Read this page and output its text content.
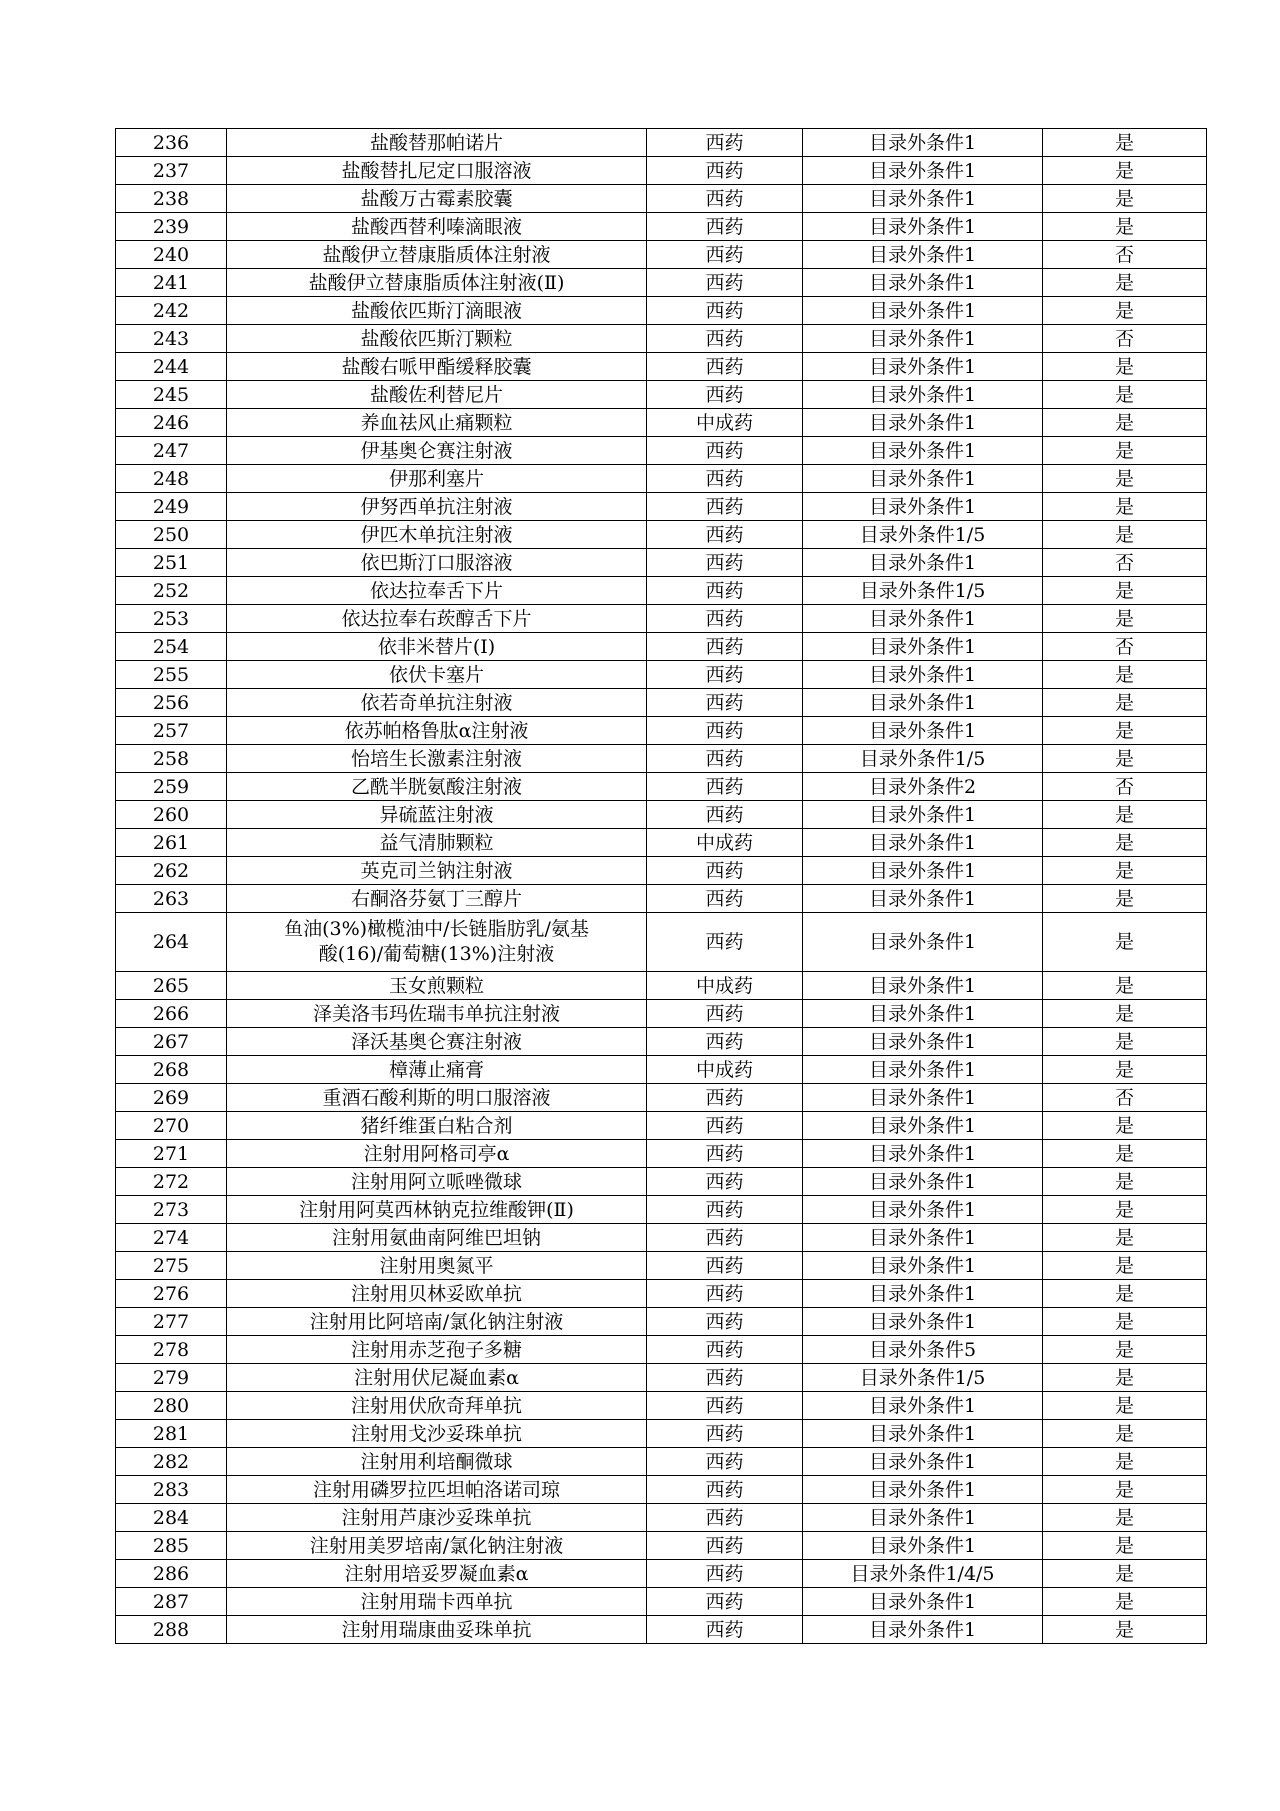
236	盐酸替那帕诺片	西药	目录外条件1	是
237	盐酸替扎尼定口服溶液	西药	目录外条件1	是
238	盐酸万古霉素胶囊	西药	目录外条件1	是
239	盐酸西替利嗪滴眼液	西药	目录外条件1	是
240	盐酸伊立替康脂质体注射液	西药	目录外条件1	否
241	盐酸伊立替康脂质体注射液(Ⅱ)	西药	目录外条件1	是
242	盐酸依匹斯汀滴眼液	西药	目录外条件1	是
243	盐酸依匹斯汀颗粒	西药	目录外条件1	否
244	盐酸右哌甲酯缓释胶囊	西药	目录外条件1	是
245	盐酸佐利替尼片	西药	目录外条件1	是
246	养血祛风止痛颗粒	中成药	目录外条件1	是
247	伊基奥仑赛注射液	西药	目录外条件1	是
248	伊那利塞片	西药	目录外条件1	是
249	伊努西单抗注射液	西药	目录外条件1	是
250	伊匹木单抗注射液	西药	目录外条件1/5	是
251	依巴斯汀口服溶液	西药	目录外条件1	否
252	依达拉奉舌下片	西药	目录外条件1/5	是
253	依达拉奉右莰醇舌下片	西药	目录外条件1	是
254	依非米替片(Ⅰ)	西药	目录外条件1	否
255	依伏卡塞片	西药	目录外条件1	是
256	依若奇单抗注射液	西药	目录外条件1	是
257	依苏帕格鲁肽α注射液	西药	目录外条件1	是
258	怡培生长激素注射液	西药	目录外条件1/5	是
259	乙酰半胱氨酸注射液	西药	目录外条件2	否
260	异硫蓝注射液	西药	目录外条件1	是
261	益气清肺颗粒	中成药	目录外条件1	是
262	英克司兰钠注射液	西药	目录外条件1	是
263	右酮洛芬氨丁三醇片	西药	目录外条件1	是
264	鱼油(3%)橄榄油中/长链脂肪乳/氨基
酸(16)/葡萄糖(13%)注射液	西药	目录外条件1	是
265	玉女煎颗粒	中成药	目录外条件1	是
266	泽美洛韦玛佐瑞韦单抗注射液	西药	目录外条件1	是
267	泽沃基奥仑赛注射液	西药	目录外条件1	是
268	樟薄止痛膏	中成药	目录外条件1	是
269	重酒石酸利斯的明口服溶液	西药	目录外条件1	否
270	猪纤维蛋白粘合剂	西药	目录外条件1	是
271	注射用阿格司亭α	西药	目录外条件1	是
272	注射用阿立哌唑微球	西药	目录外条件1	是
273	注射用阿莫西林钠克拉维酸钾(Ⅱ)	西药	目录外条件1	是
274	注射用氨曲南阿维巴坦钠	西药	目录外条件1	是
275	注射用奥氮平	西药	目录外条件1	是
276	注射用贝林妥欧单抗	西药	目录外条件1	是
277	注射用比阿培南/氯化钠注射液	西药	目录外条件1	是
278	注射用赤芝孢子多糖	西药	目录外条件5	是
279	注射用伏尼凝血素α	西药	目录外条件1/5	是
280	注射用伏欣奇拜单抗	西药	目录外条件1	是
281	注射用戈沙妥珠单抗	西药	目录外条件1	是
282	注射用利培酮微球	西药	目录外条件1	是
283	注射用磷罗拉匹坦帕洛诺司琼	西药	目录外条件1	是
284	注射用芦康沙妥珠单抗	西药	目录外条件1	是
285	注射用美罗培南/氯化钠注射液	西药	目录外条件1	是
286	注射用培妥罗凝血素α	西药	目录外条件1/4/5	是
287	注射用瑞卡西单抗	西药	目录外条件1	是
288	注射用瑞康曲妥珠单抗	西药	目录外条件1	是
